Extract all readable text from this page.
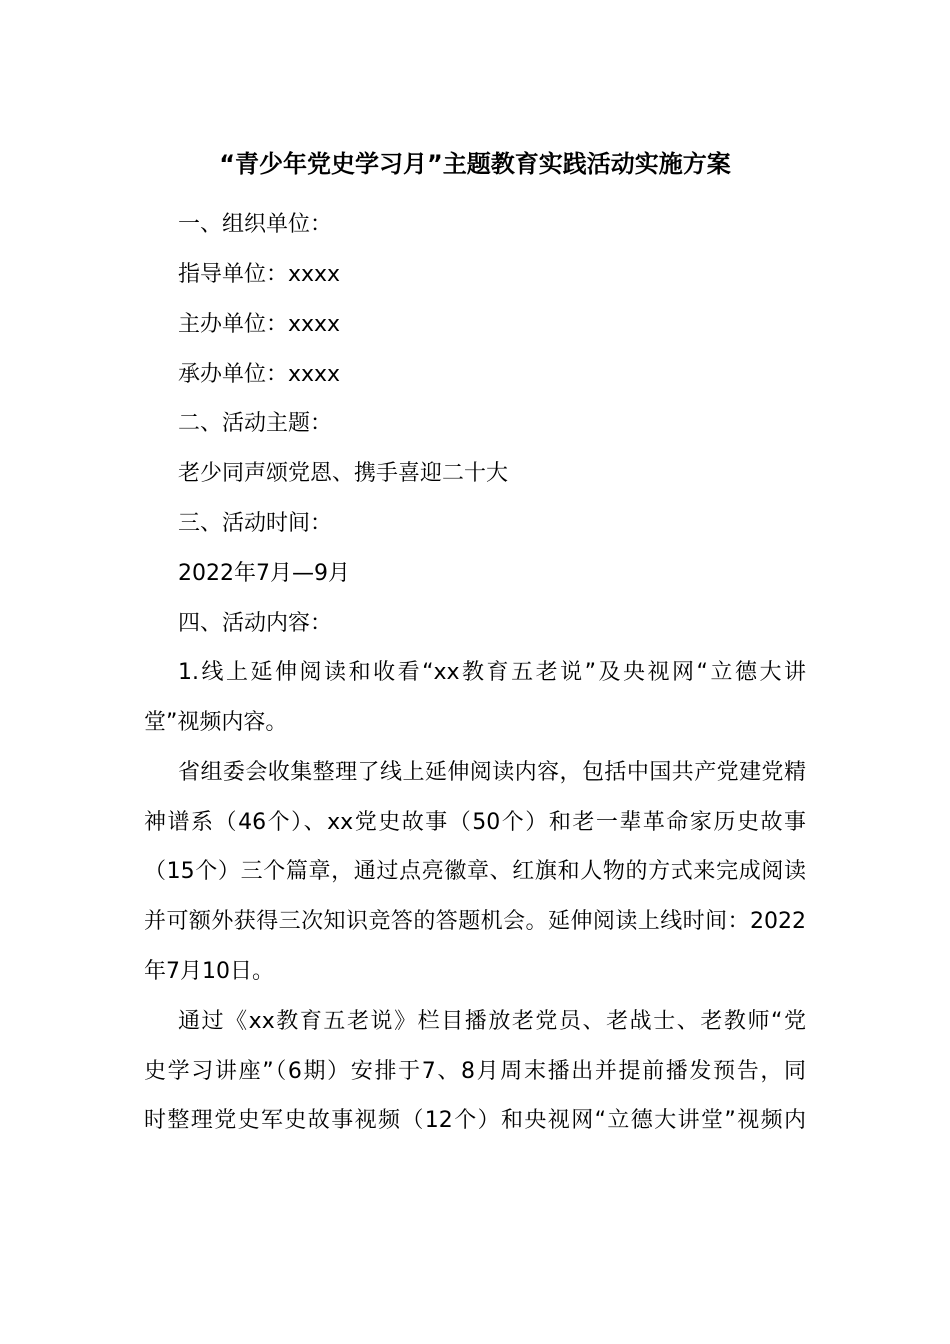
“青少年党史学习月”主题教育实践活动实施方案
一、组织单位：
指导单位：xxxx
主办单位：xxxx
承办单位：xxxx
二、活动主题：
老少同声颂党恩、携手喜迎二十大
三、活动时间：
2022年7月—9月
四、活动内容：
1.线上延伸阅读和收看“xx教育五老说”及央视网“立德大讲
堂”视频内容。
省组委会收集整理了线上延伸阅读内容，包括中国共产党建党精
神谱系（46个）、xx党史故事（50个）和老一辈革命家历史故事
（15个）三个篇章，通过点亮徽章、红旗和人物的方式来完成阅读
并可额外获得三次知识竞答的答题机会。延伸阅读上线时间：2022
年7月10日。
通过《xx教育五老说》栏目播放老党员、老战士、老教师“党
史学习讲座”（6期）安排于7、8月周末播出并提前播发预告，同
时整理党史军史故事视频（12个）和央视网“立德大讲堂”视频内
